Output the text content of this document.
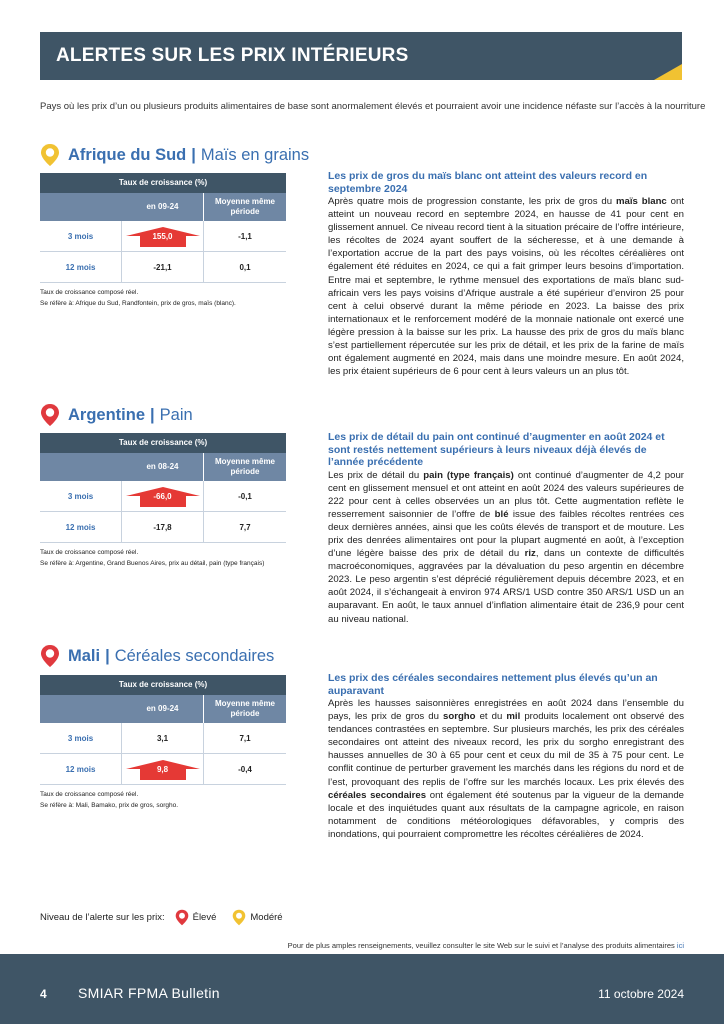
ALERTES SUR LES PRIX INTÉRIEURS
Pays où les prix d’un ou plusieurs produits alimentaires de base sont anormalement élevés et pourraient avoir une incidence néfaste sur l’accès à la nourriture
Afrique du Sud | Maïs en grains
Taux de croissance (%)
en 09-24
Moyenne même période
3 mois	155,0	-1,1
12 mois	-21,1	0,1
Taux de croissance composé réel.
Se réfère à: Afrique du Sud, Randfontein, prix de gros, maïs (blanc).
Les prix de gros du maïs blanc ont atteint des valeurs record en septembre 2024

Après quatre mois de progression constante, les prix de gros du maïs blanc ont atteint un nouveau record en septembre 2024, en hausse de 41 pour cent en glissement annuel. Ce niveau record tient à la situation précaire de l’offre intérieure, les récoltes de 2024 ayant souffert de la sécheresse, et à une demande à l’exportation accrue de la part des pays voisins, où les récoltes céréalières ont également été réduites en 2024, ce qui a fait grimper leurs besoins d’importation. Entre mai et septembre, le rythme mensuel des exportations de maïs blanc sud-africain vers les pays voisins d’Afrique australe a été supérieur d’environ 25 pour cent à celui observé durant la même période en 2023. La baisse des prix internationaux et le renforcement modéré de la monnaie nationale ont exercé une légère pression à la baisse sur les prix. La hausse des prix de gros du maïs blanc s’est partiellement répercutée sur les prix de détail, et les prix de la farine de maïs ont également augmenté en 2024, mais dans une moindre mesure. En août 2024, les prix étaient supérieurs de 6 pour cent à leurs valeurs un an plus tôt.

Argentine | Pain
Taux de croissance (%)
en 08-24
Moyenne même période
3 mois	-66,0	-0,1
12 mois	-17,8	7,7
Taux de croissance composé réel.
Se réfère à: Argentine, Grand Buenos Aires, prix au détail, pain (type français)
Les prix de détail du pain ont continué d’augmenter en août 2024 et sont restés nettement supérieurs à leurs niveaux déjà élevés de l’année précédente

Les prix de détail du pain (type français) ont continué d’augmenter de 4,2 pour cent en glissement mensuel et ont atteint en août 2024 des valeurs supérieures de 222 pour cent à celles observées un an plus tôt. Cette augmentation reflète le resserrement saisonnier de l’offre de blé issue des faibles récoltes rentrées ces deux dernières années, ainsi que les coûts élevés de transport et de mouture. Les prix des denrées alimentaires ont pour la plupart augmenté en août, à l’exception d’une légère baisse des prix de détail du riz, dans un contexte de difficultés macroéconomiques, aggravées par la dévaluation du peso argentin en décembre 2023. Le peso argentin s’est déprécié régulièrement depuis décembre 2023, et en août 2024, il s’échangeait à environ 974 ARS/1 USD contre 350 ARS/1 USD un an auparavant. En août, le taux annuel d’inflation alimentaire était de 236,9 pour cent au niveau national.

Mali | Céréales secondaires
Taux de croissance (%)
en 09-24
Moyenne même période
3 mois	3,1	7,1
12 mois	9,8	-0,4
Taux de croissance composé réel.
Se réfère à: Mali, Bamako, prix de gros, sorgho.
Les prix des céréales secondaires nettement plus élevés qu’un an auparavant

Après les hausses saisonnières enregistrées en août 2024 dans l’ensemble du pays, les prix de gros du sorgho et du mil produits localement ont observé des tendances contrastées en septembre. Sur plusieurs marchés, les prix des céréales secondaires ont atteint des niveaux record, les prix du sorgho enregistrant des hausses annuelles de 30 à 65 pour cent et ceux du mil de 35 à 75 pour cent. Le conflit continue de perturber gravement les marchés dans les régions du nord et de l’est, provoquant des replis de l’offre sur les marchés locaux. Les prix élevés des céréales secondaires ont également été soutenus par la vigueur de la demande locale et des inquiétudes quant aux résultats de la campagne agricole, en raison notamment de conditions météorologiques défavorables, y compris des inondations, qui pourraient compromettre les récoltes céréalières de 2024.

Niveau de l’alerte sur les prix:	Élevé	Modéré
Pour de plus amples renseignements, veuillez consulter le site Web sur le suivi et l’analyse des produits alimentaires ici
4 SMIAR FPMA Bulletin	11 octobre 2024
